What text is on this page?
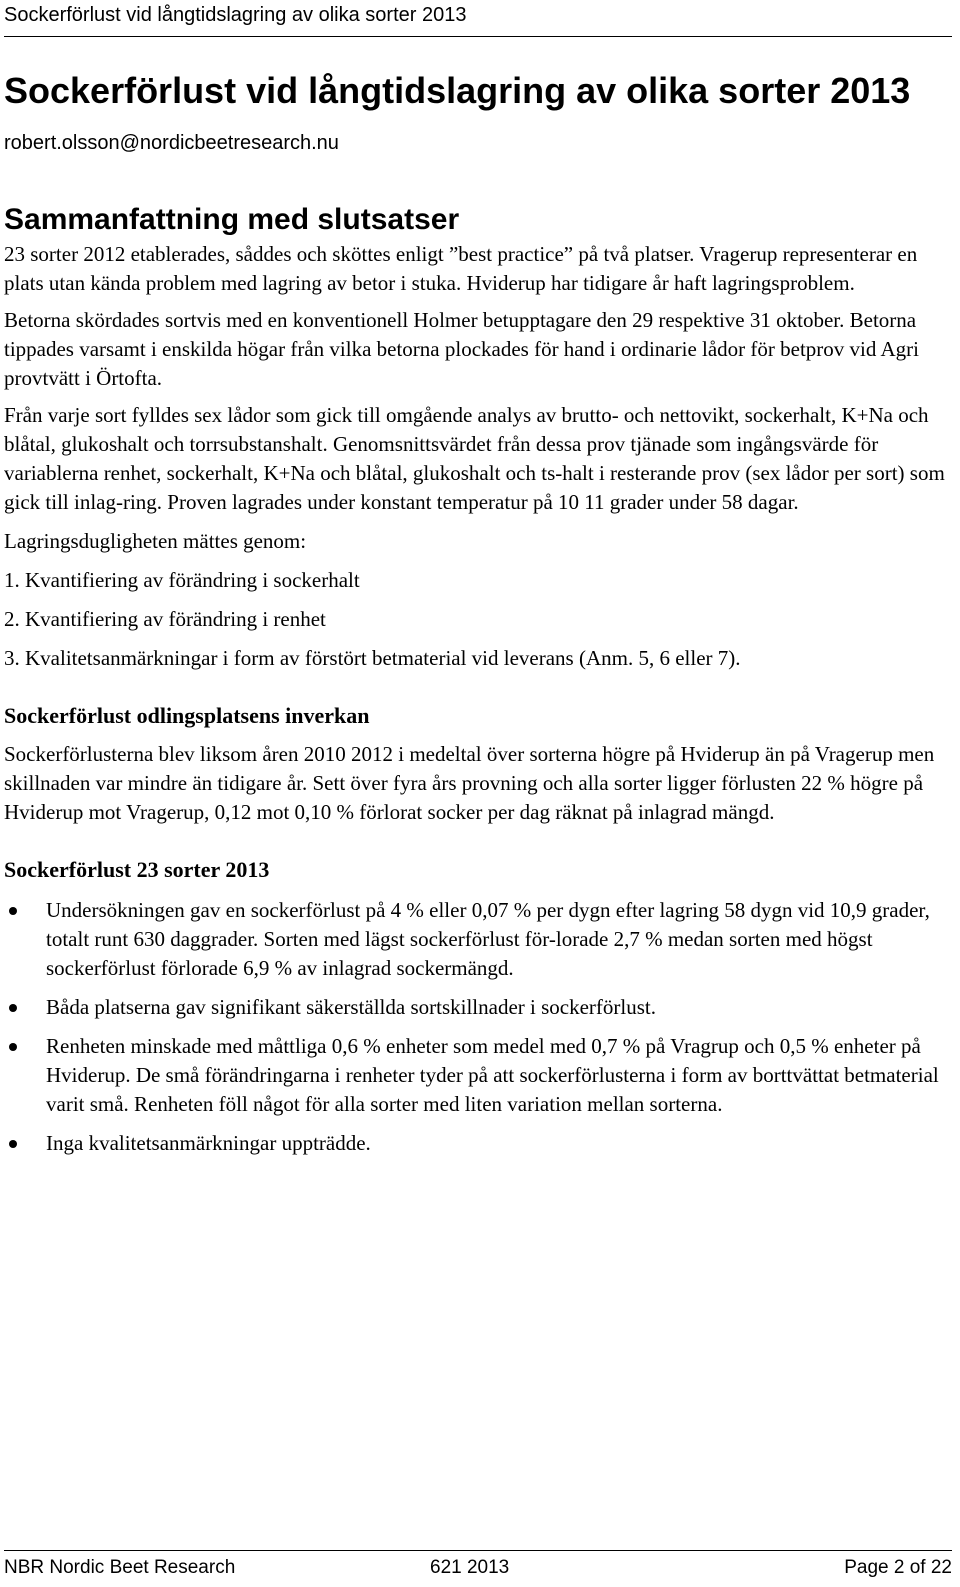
Sockerförlust vid långtidslagring av olika sorter 2013
Sockerförlust vid långtidslagring av olika sorter 2013

robert.olsson@nordicbeetresearch.nu

Sammanfattning med slutsatser

23 sorter 2012 etablerades, såddes och sköttes enligt ”best practice” på två platser. Vragerup representerar en plats utan kända problem med lagring av betor i stuka. Hviderup har tidigare år haft lagringsproblem.

Betorna skördades sortvis med en konventionell Holmer betupptagare den 29 respektive 31 oktober. Betorna tippades varsamt i enskilda högar från vilka betorna plockades för hand i ordinarie lådor för betprov vid Agri provtvätt i Örtofta.

Från varje sort fylldes sex lådor som gick till omgående analys av brutto- och nettovikt, sockerhalt, K+Na och blåtal, glukoshalt och torrsubstanshalt. Genomsnittsvärdet från dessa prov tjänade som ingångsvärde för variablerna renhet, sockerhalt, K+Na och blåtal, glukoshalt och ts-halt i resterande prov (sex lådor per sort) som gick till inlag-ring. Proven lagrades under konstant temperatur på 10 11 grader under 58 dagar.

Lagringsdugligheten mättes genom:

1. Kvantifiering av förändring i sockerhalt

2. Kvantifiering av förändring i renhet

3. Kvalitetsanmärkningar i form av förstört betmaterial vid leverans (Anm. 5, 6 eller 7).

Sockerförlust odlingsplatsens inverkan

Sockerförlusterna blev liksom åren 2010 2012 i medeltal över sorterna högre på Hviderup än på Vragerup men skillnaden var mindre än tidigare år. Sett över fyra års provning och alla sorter ligger förlusten 22 % högre på Hviderup mot Vragerup, 0,12 mot 0,10 % förlorat socker per dag räknat på inlagrad mängd.

Sockerförlust 23 sorter 2013
Undersökningen gav en sockerförlust på 4 % eller 0,07 % per dygn efter lagring 58 dygn vid 10,9 grader, totalt runt 630 daggrader. Sorten med lägst sockerförlust för-lorade 2,7 % medan sorten med högst sockerförlust förlorade 6,9 % av inlagrad sockermängd.
Båda platserna gav signifikant säkerställda sortskillnader i sockerförlust.
Renheten minskade med måttliga 0,6 % enheter som medel med 0,7 % på Vragrup och 0,5 % enheter på Hviderup. De små förändringarna i renheter tyder på att sockerförlusterna i form av borttvättat betmaterial varit små. Renheten föll något för alla sorter med liten variation mellan sorterna.
Inga kvalitetsanmärkningar uppträdde.
NBR Nordic Beet Research	621 2013	Page 2 of 22
